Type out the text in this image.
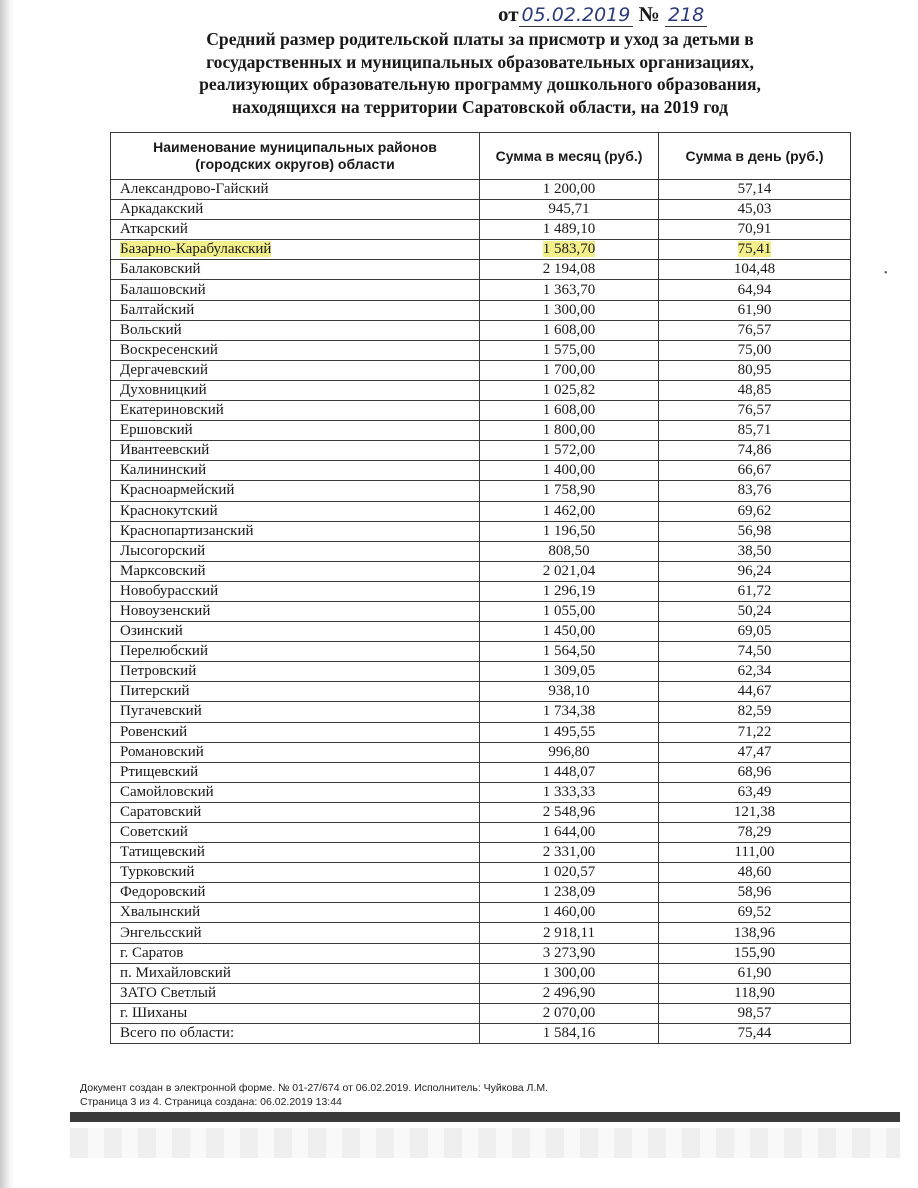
от 05.02.2019 № 218
Средний размер родительской платы за присмотр и уход за детьми в
государственных и муниципальных образовательных организациях,
реализующих образовательную программу дошкольного образования,
находящихся на территории Саратовской области, на 2019 год
Наименование муниципальных районов
(городских округов) области	Сумма в месяц (руб.)	Сумма в день (руб.)
Александрово-Гайский	1 200,00	57,14
Аркадакский	945,71	45,03
Аткарский	1 489,10	70,91
Базарно-Карабулакский	1 583,70	75,41
Балаковский	2 194,08	104,48
Балашовский	1 363,70	64,94
Балтайский	1 300,00	61,90
Вольский	1 608,00	76,57
Воскресенский	1 575,00	75,00
Дергачевский	1 700,00	80,95
Духовницкий	1 025,82	48,85
Екатериновский	1 608,00	76,57
Ершовский	1 800,00	85,71
Ивантеевский	1 572,00	74,86
Калининский	1 400,00	66,67
Красноармейский	1 758,90	83,76
Краснокутский	1 462,00	69,62
Краснопартизанский	1 196,50	56,98
Лысогорский	808,50	38,50
Марксовский	2 021,04	96,24
Новобурасский	1 296,19	61,72
Новоузенский	1 055,00	50,24
Озинский	1 450,00	69,05
Перелюбский	1 564,50	74,50
Петровский	1 309,05	62,34
Питерский	938,10	44,67
Пугачевский	1 734,38	82,59
Ровенский	1 495,55	71,22
Романовский	996,80	47,47
Ртищевский	1 448,07	68,96
Самойловский	1 333,33	63,49
Саратовский	2 548,96	121,38
Советский	1 644,00	78,29
Татищевский	2 331,00	111,00
Турковский	1 020,57	48,60
Федоровский	1 238,09	58,96
Хвалынский	1 460,00	69,52
Энгельсский	2 918,11	138,96
г. Саратов	3 273,90	155,90
п. Михайловский	1 300,00	61,90
ЗАТО Светлый	2 496,90	118,90
г. Шиханы	2 070,00	98,57
Всего по области:	1 584,16	75,44
•
Документ создан в электронной форме. № 01-27/674 от 06.02.2019. Исполнитель: Чуйкова Л.М.
Страница 3 из 4. Страница создана: 06.02.2019 13:44
